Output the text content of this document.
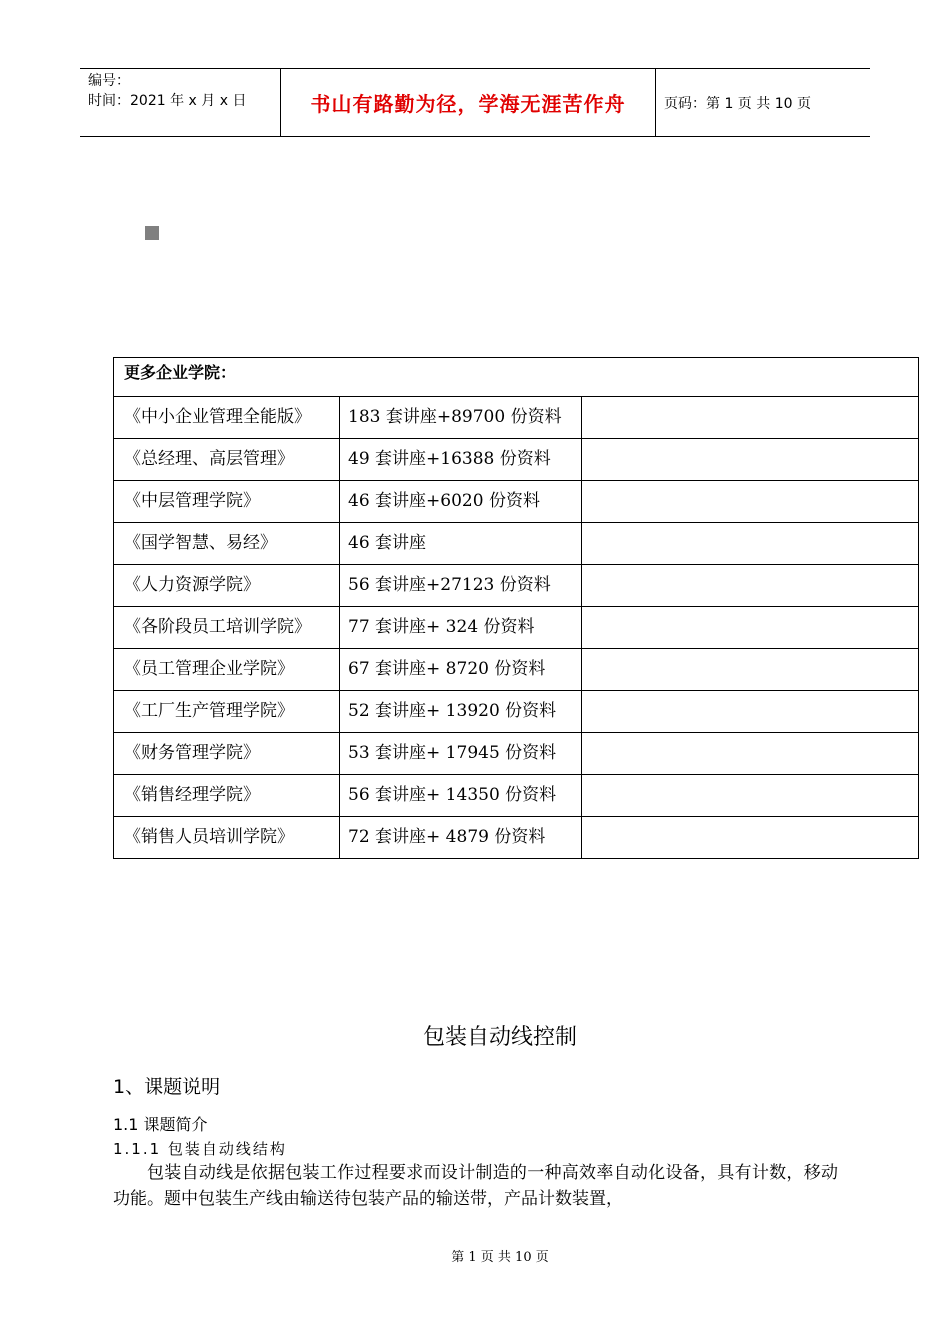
编号：
时间：2021 年 x 月 x 日	书山有路勤为径，学海无涯苦作舟	页码：第 1 页 共 10 页
更多企业学院：		
《中小企业管理全能版》	183 套讲座+89700 份资料	
《总经理、高层管理》	49 套讲座+16388 份资料	
《中层管理学院》	46 套讲座+6020 份资料	
《国学智慧、易经》	46 套讲座	
《人力资源学院》	56 套讲座+27123 份资料	
《各阶段员工培训学院》	77 套讲座+ 324 份资料	
《员工管理企业学院》	67 套讲座+ 8720 份资料	
《工厂生产管理学院》	52 套讲座+ 13920 份资料	
《财务管理学院》	53 套讲座+ 17945 份资料	
《销售经理学院》	56 套讲座+ 14350 份资料	
《销售人员培训学院》	72 套讲座+ 4879 份资料	
包装自动线控制
1、课题说明
1.1 课题简介
1.1.1 包装自动线结构
包装自动线是依据包装工作过程要求而设计制造的一种高效率自动化设备，具有计数，移动功能。题中包装生产线由输送待包装产品的输送带，产品计数装置，
第 1 页 共 10 页
